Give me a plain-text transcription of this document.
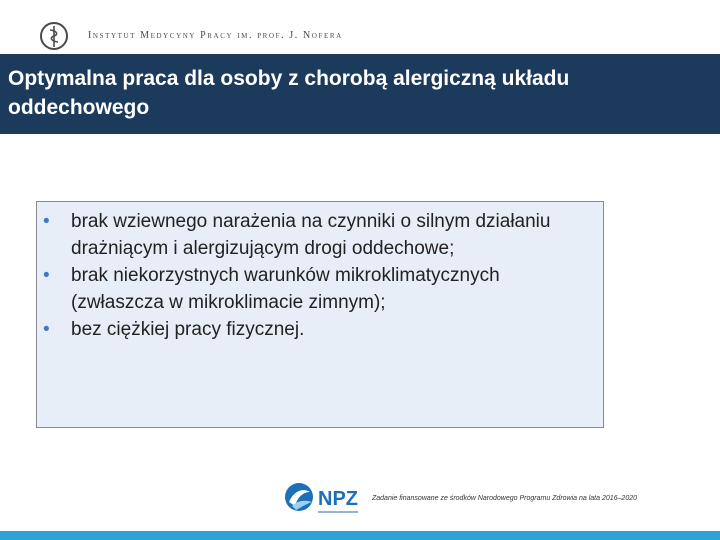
Instytut Medycyny Pracy im. prof. J. Nofera
Optymalna praca dla osoby z chorobą alergiczną układu oddechowego
• brak wziewnego narażenia na czynniki o silnym działaniu drażniącym i alergizującym drogi oddechowe;
• brak niekorzystnych warunków mikroklimatycznych (zwłaszcza w mikroklimacie zimnym);
• bez ciężkiej pracy fizycznej.
NPZ Zadanie finansowane ze środków Narodowego Programu Zdrowia na lata 2016–2020
